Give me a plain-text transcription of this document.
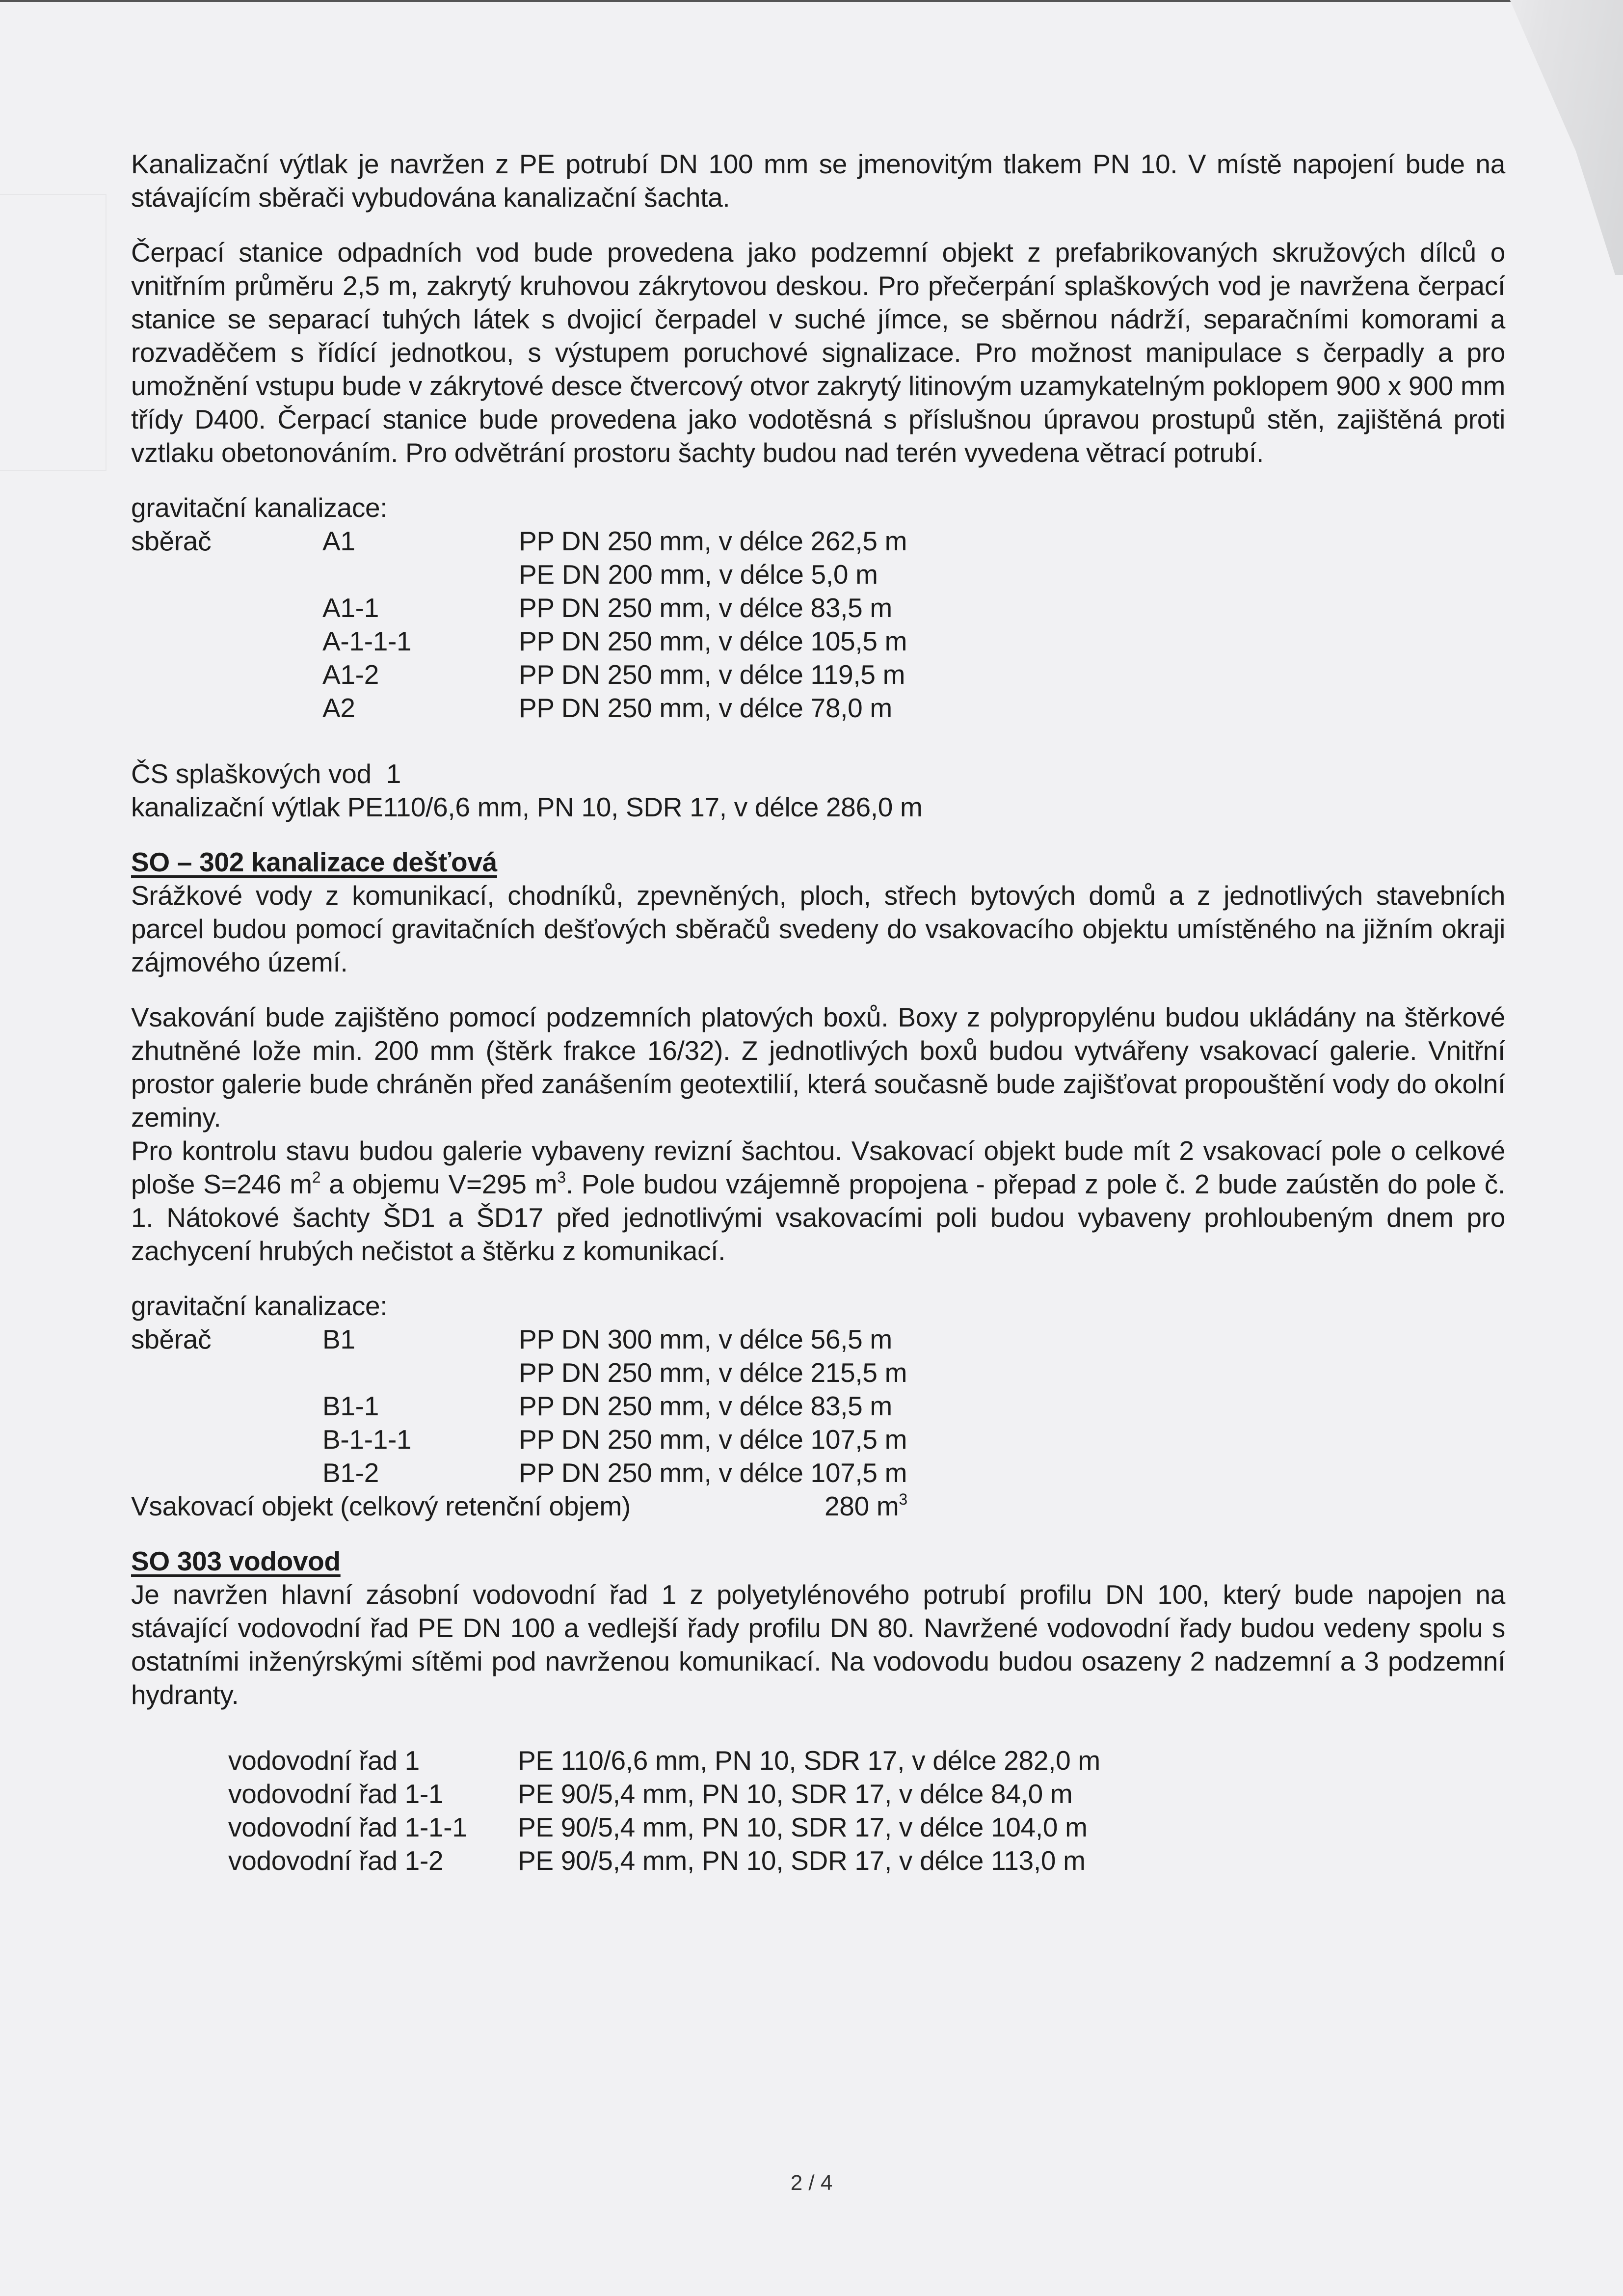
Kanalizační výtlak je navržen z PE potrubí DN 100 mm se jmenovitým tlakem PN 10. V místě napojení bude na stávajícím sběrači vybudována kanalizační šachta.

Čerpací stanice odpadních vod bude provedena jako podzemní objekt z prefabrikovaných skružových dílců o vnitřním průměru 2,5 m, zakrytý kruhovou zákrytovou deskou. Pro přečerpání splaškových vod je navržena čerpací stanice se separací tuhých látek s dvojicí čerpadel v suché jímce, se sběrnou nádrží, separačními komorami a rozvaděčem s řídící jednotkou, s výstupem poruchové signalizace. Pro možnost manipulace s čerpadly a pro umožnění vstupu bude v zákrytové desce čtvercový otvor zakrytý litinovým uzamykatelným poklopem 900 x 900 mm třídy D400. Čerpací stanice bude provedena jako vodotěsná s příslušnou úpravou prostupů stěn, zajištěná proti vztlaku obetonováním. Pro odvětrání prostoru šachty budou nad terén vyvedena větrací potrubí.

gravitační kanalizace:
sběrač	A1	PP DN 250 mm, v délce 262,5 m
PE DN 200 mm, v délce 5,0 m
A1-1	PP DN 250 mm, v délce 83,5 m
A-1-1-1	PP DN 250 mm, v délce 105,5 m
A1-2	PP DN 250 mm, v délce 119,5 m
A2	PP DN 250 mm, v délce 78,0 m
ČS splaškových vod  1
kanalizační výtlak PE110/6,6 mm, PN 10, SDR 17, v délce 286,0 m

SO – 302 kanalizace dešťová

Srážkové vody z komunikací, chodníků, zpevněných, ploch, střech bytových domů a z jednotlivých stavebních parcel budou pomocí gravitačních dešťových sběračů svedeny do vsakovacího objektu umístěného na jižním okraji zájmového území.

Vsakování bude zajištěno pomocí podzemních platových boxů. Boxy z polypropylénu budou ukládány na štěrkové zhutněné lože min. 200 mm (štěrk frakce 16/32). Z jednotlivých boxů budou vytvářeny vsakovací galerie. Vnitřní prostor galerie bude chráněn před zanášením geotextilií, která současně bude zajišťovat propouštění vody do okolní zeminy.

Pro kontrolu stavu budou galerie vybaveny revizní šachtou. Vsakovací objekt bude mít 2 vsakovací pole o celkové ploše S=246 $m^2$ a objemu V=295 $m^3$. Pole budou vzájemně propojena - přepad z pole č. 2 bude zaústěn do pole č. 1. Nátokové šachty ŠD1 a ŠD17 před jednotlivými vsakovacími poli budou vybaveny prohloubeným dnem pro zachycení hrubých nečistot a štěrku z komunikací.

gravitační kanalizace:
sběrač	B1	PP DN 300 mm, v délce 56,5 m
PP DN 250 mm, v délce 215,5 m
B1-1	PP DN 250 mm, v délce 83,5 m
B-1-1-1	PP DN 250 mm, v délce 107,5 m
B1-2	PP DN 250 mm, v délce 107,5 m
Vsakovací objekt (celkový retenční objem)	280 $m^3$

SO 303 vodovod

Je navržen hlavní zásobní vodovodní řad 1 z polyetylénového potrubí profilu DN 100, který bude napojen na stávající vodovodní řad PE DN 100 a vedlejší řady profilu DN 80. Navržené vodovodní řady budou vedeny spolu s ostatními inženýrskými sítěmi pod navrženou komunikací. Na vodovodu budou osazeny 2 nadzemní a 3 podzemní hydranty.

vodovodní řad 1	PE 110/6,6 mm, PN 10, SDR 17, v délce 282,0 m
vodovodní řad 1-1	PE 90/5,4 mm, PN 10, SDR 17, v délce 84,0 m
vodovodní řad 1-1-1	PE 90/5,4 mm, PN 10, SDR 17, v délce 104,0 m
vodovodní řad 1-2	PE 90/5,4 mm, PN 10, SDR 17, v délce 113,0 m
2 / 4
